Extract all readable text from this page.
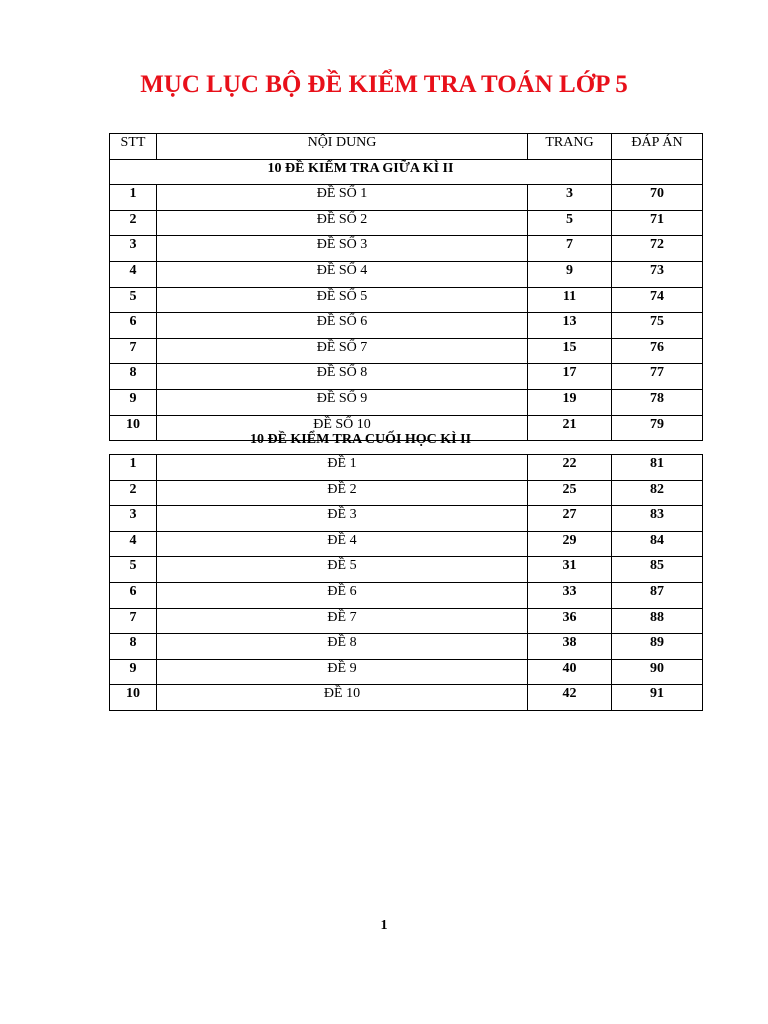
MỤC LỤC BỘ ĐỀ KIỂM TRA TOÁN LỚP 5
STT	NỘI DUNG	TRANG	ĐÁP ÁN
10 ĐỀ KIỂM TRA GIỮA KÌ II			
1	ĐỀ SỐ 1	3	70
2	ĐỀ SỐ 2	5	71
3	ĐỀ SỐ 3	7	72
4	ĐỀ SỐ 4	9	73
5	ĐỀ SỐ 5	11	74
6	ĐỀ SỐ 6	13	75
7	ĐỀ SỐ 7	15	76
8	ĐỀ SỐ 8	17	77
9	ĐỀ SỐ 9	19	78
10	ĐỀ SỐ 10	21	79
10 ĐỀ KIỂM TRA CUỐI HỌC KÌ II
1	ĐỀ 1	22	81
2	ĐỀ 2	25	82
3	ĐỀ 3	27	83
4	ĐỀ 4	29	84
5	ĐỀ 5	31	85
6	ĐỀ 6	33	87
7	ĐỀ 7	36	88
8	ĐỀ 8	38	89
9	ĐỀ 9	40	90
10	ĐỀ 10	42	91
1
